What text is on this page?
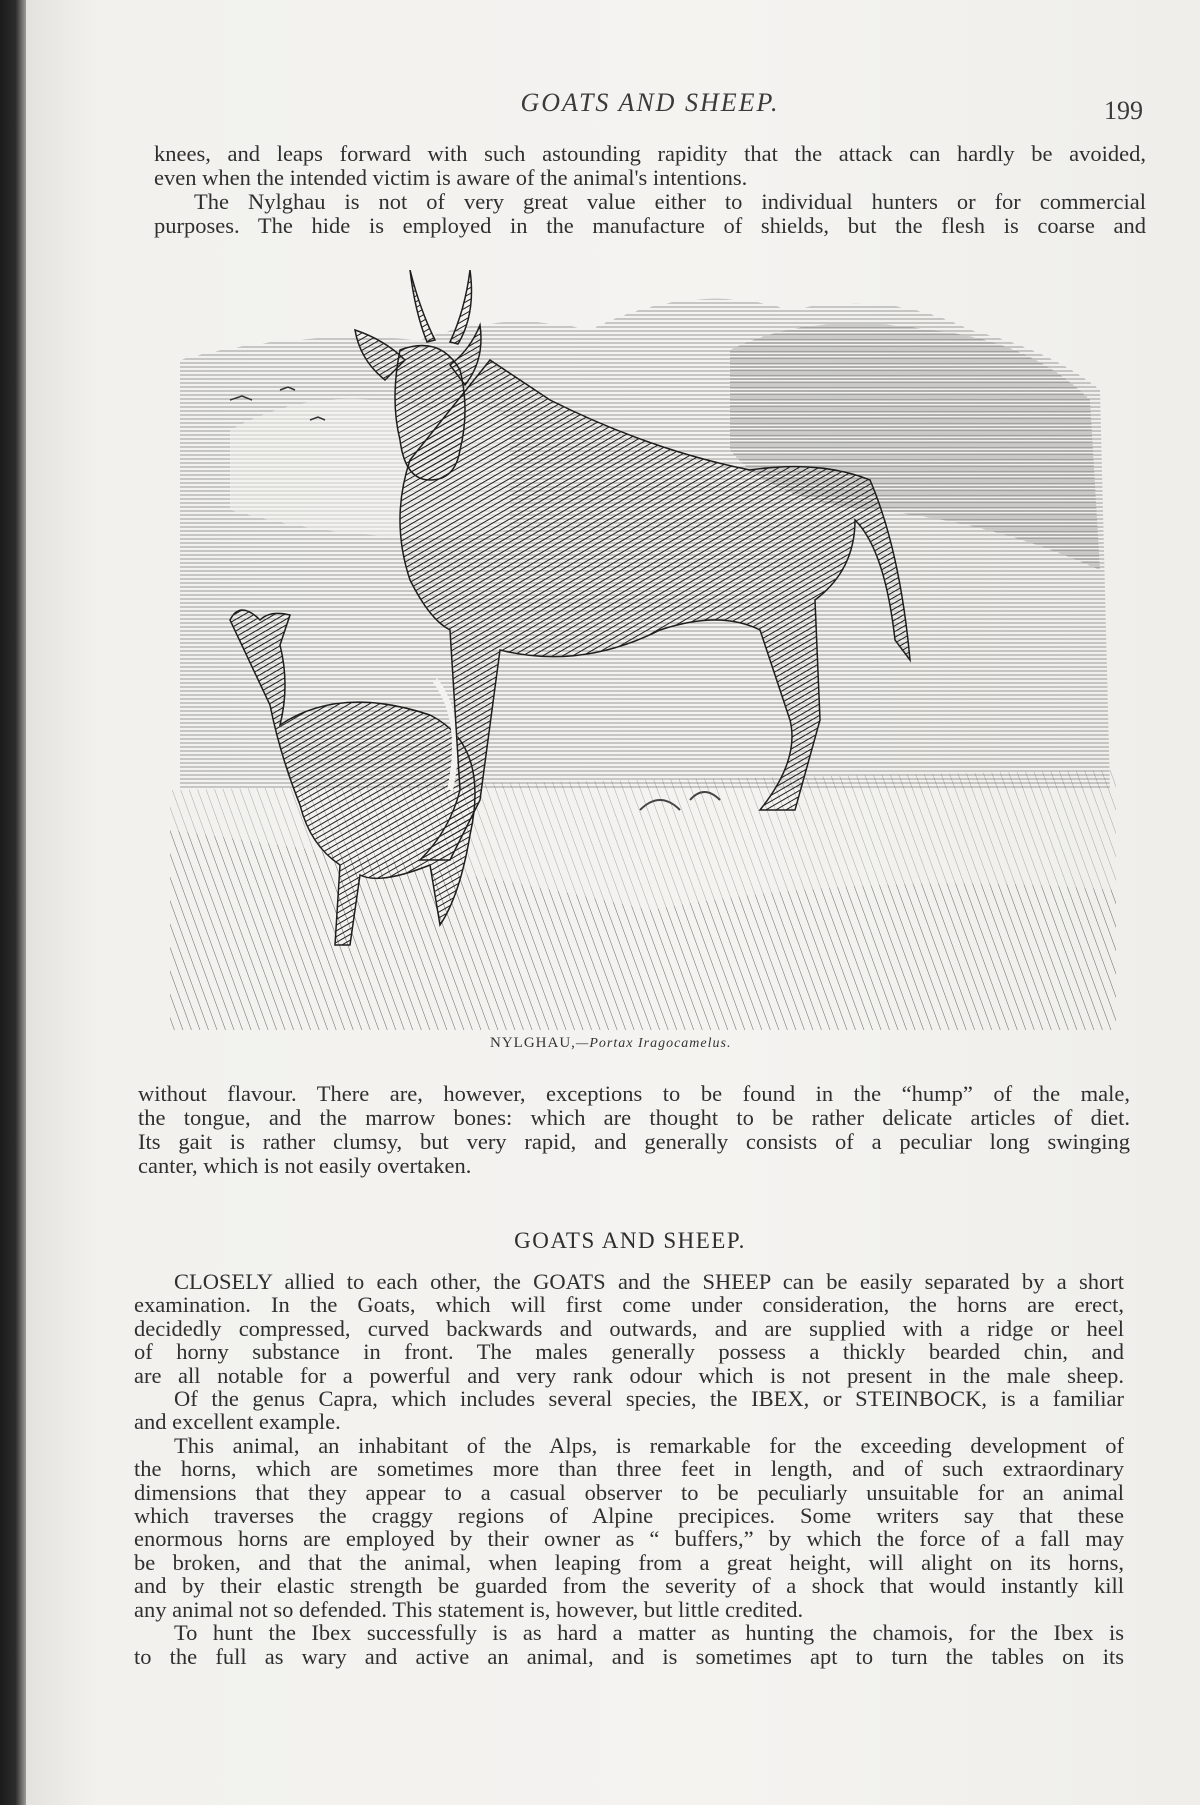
GOATS AND SHEEP.	199
knees, and leaps forward with such astounding rapidity that the attack can hardly be avoided,
even when the intended victim is aware of the animal's intentions.
The Nylghau is not of very great value either to individual hunters or for commercial
purposes. The hide is employed in the manufacture of shields, but the flesh is coarse and
NYLGHAU,—Portax Iragocamelus.
without flavour. There are, however, exceptions to be found in the “hump” of the male,
the tongue, and the marrow bones: which are thought to be rather delicate articles of diet.
Its gait is rather clumsy, but very rapid, and generally consists of a peculiar long swinging
canter, which is not easily overtaken.
GOATS AND SHEEP.
CLOSELY allied to each other, the GOATS and the SHEEP can be easily separated by a short
examination. In the Goats, which will first come under consideration, the horns are erect,
decidedly compressed, curved backwards and outwards, and are supplied with a ridge or heel
of horny substance in front. The males generally possess a thickly bearded chin, and
are all notable for a powerful and very rank odour which is not present in the male sheep.
Of the genus Capra, which includes several species, the IBEX, or STEINBOCK, is a familiar
and excellent example.
This animal, an inhabitant of the Alps, is remarkable for the exceeding development of
the horns, which are sometimes more than three feet in length, and of such extraordinary
dimensions that they appear to a casual observer to be peculiarly unsuitable for an animal
which traverses the craggy regions of Alpine precipices. Some writers say that these
enormous horns are employed by their owner as “ buffers,” by which the force of a fall may
be broken, and that the animal, when leaping from a great height, will alight on its horns,
and by their elastic strength be guarded from the severity of a shock that would instantly kill
any animal not so defended. This statement is, however, but little credited.
To hunt the Ibex successfully is as hard a matter as hunting the chamois, for the Ibex is
to the full as wary and active an animal, and is sometimes apt to turn the tables on its
